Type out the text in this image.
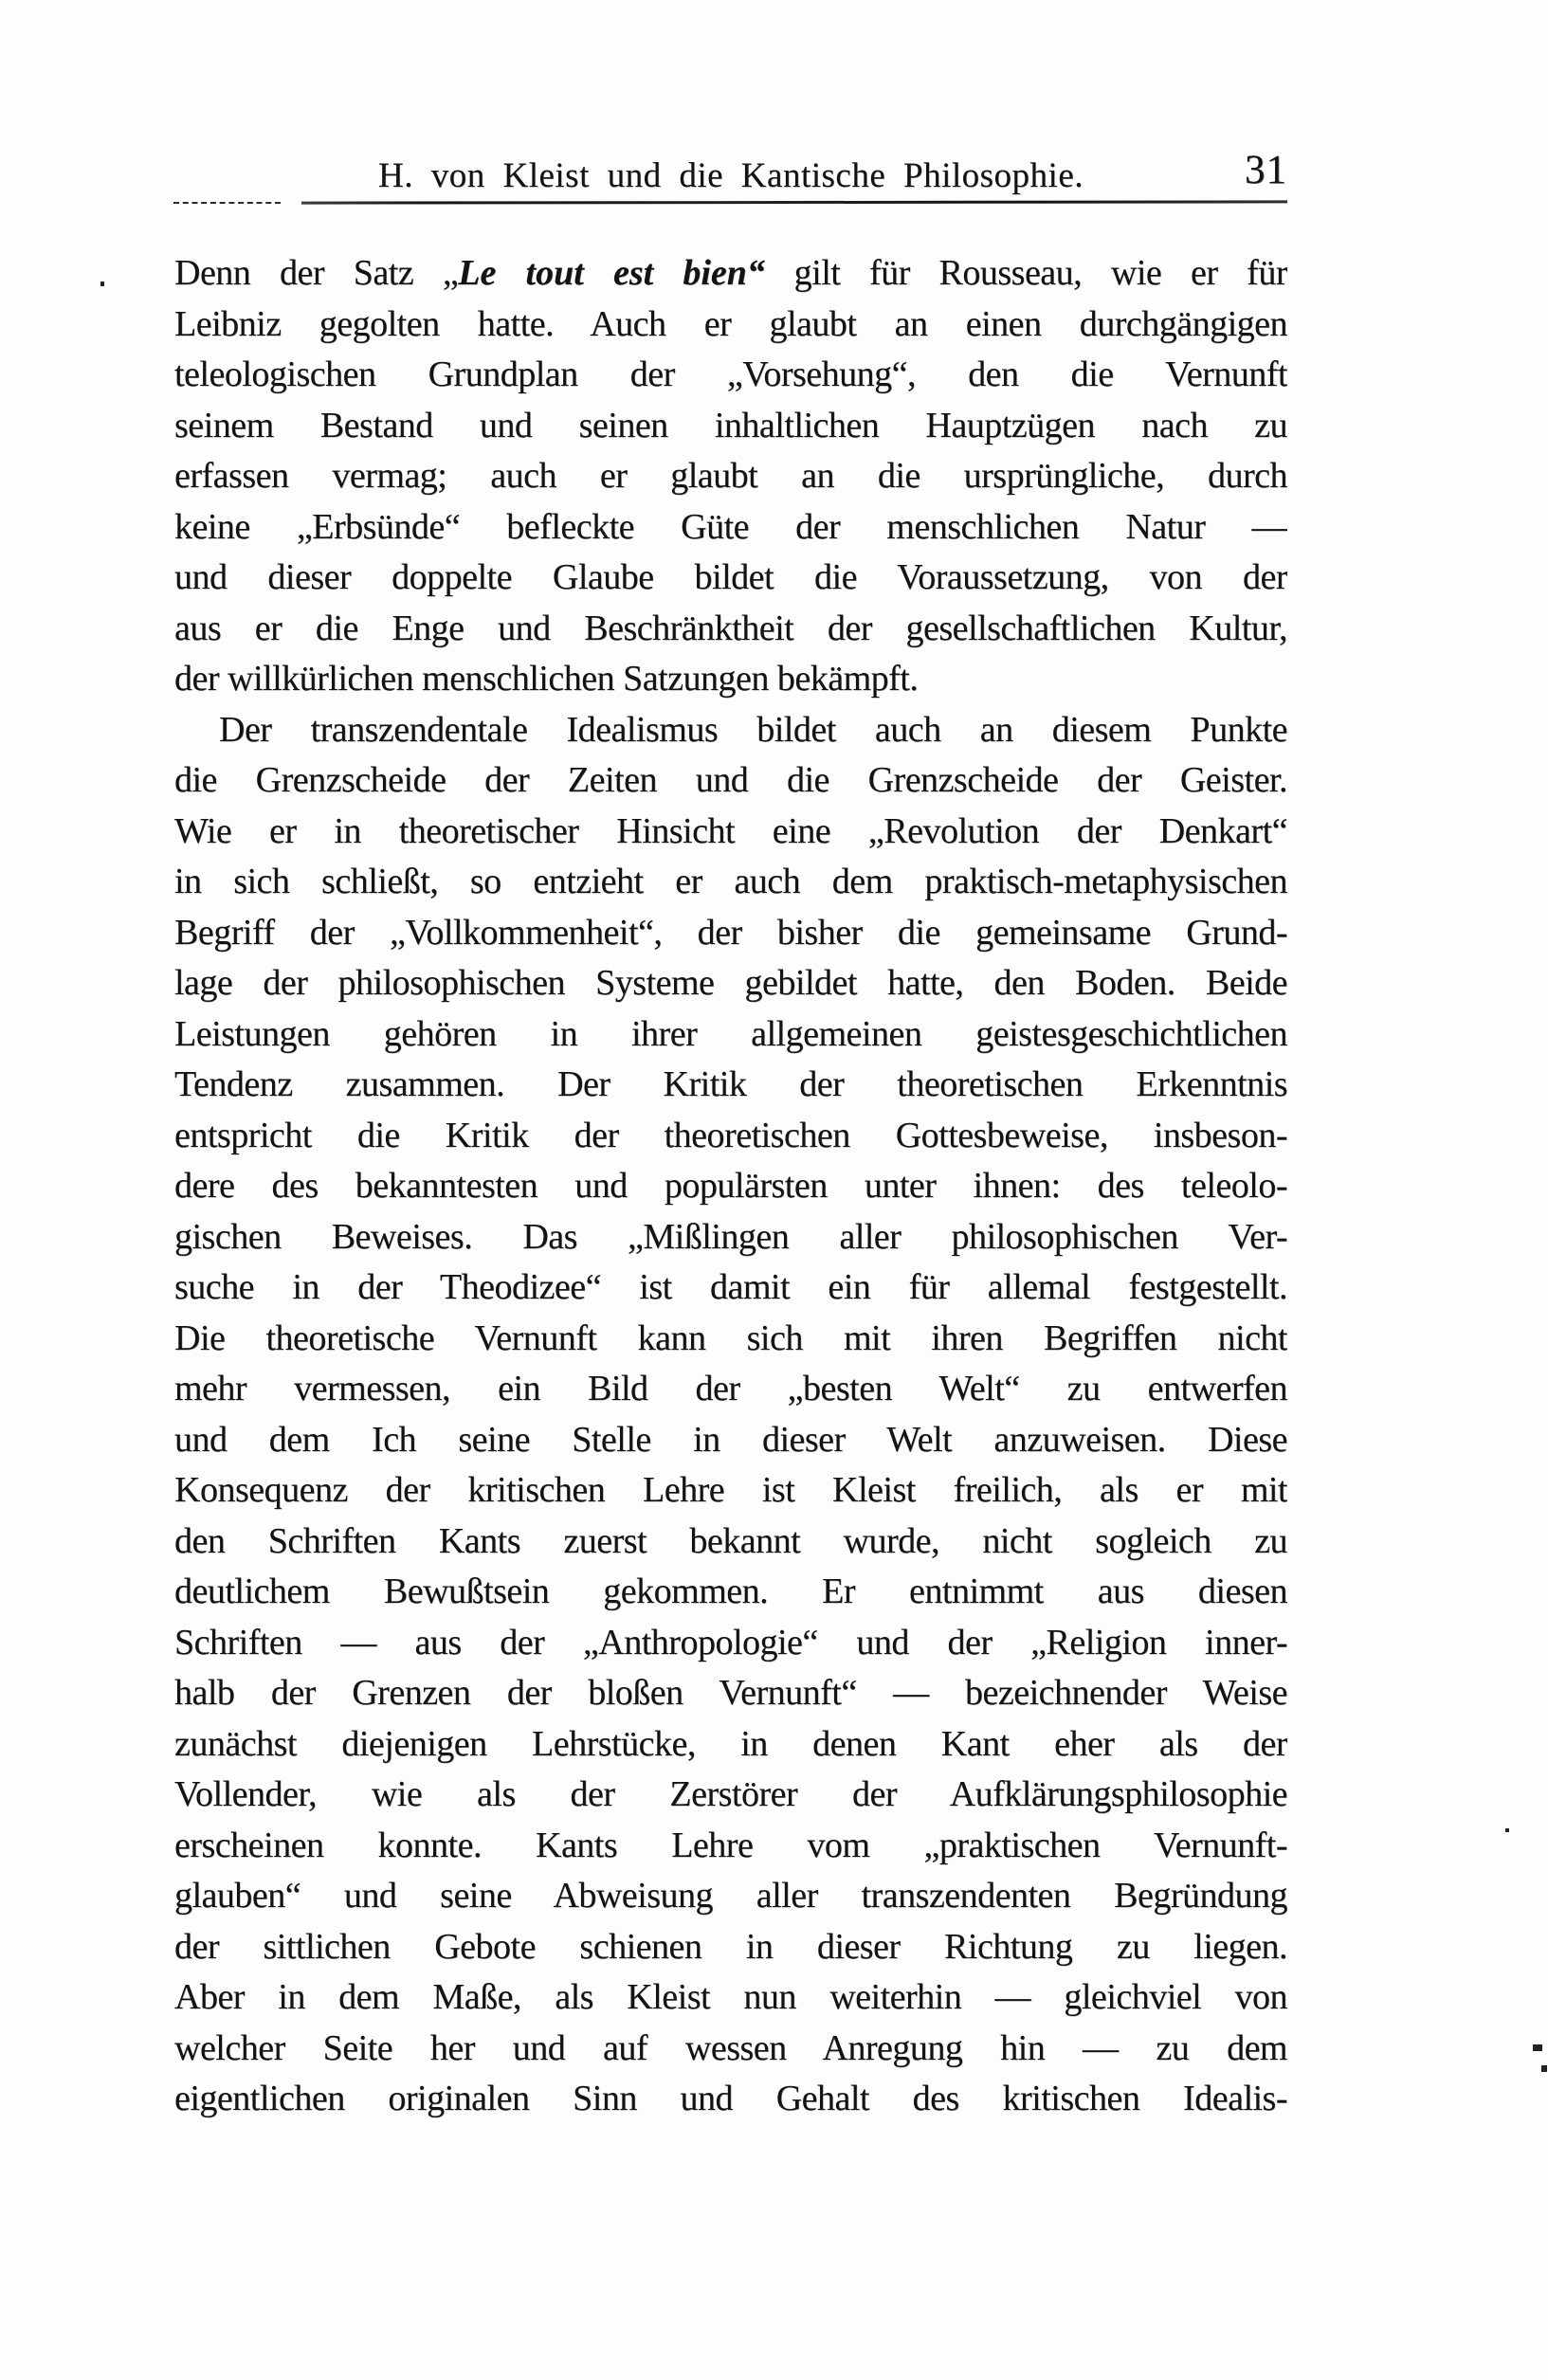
H. von Kleist und die Kantische Philosophie.	31
Denn der Satz „Le tout est bien“ gilt für Rousseau, wie er für
Leibniz gegolten hatte. Auch er glaubt an einen durchgängigen
teleologischen Grundplan der „Vorsehung“, den die Vernunft
seinem Bestand und seinen inhaltlichen Hauptzügen nach zu
erfassen vermag; auch er glaubt an die ursprüngliche, durch
keine „Erbsünde“ befleckte Güte der menschlichen Natur —
und dieser doppelte Glaube bildet die Voraussetzung, von der
aus er die Enge und Beschränktheit der gesellschaftlichen Kultur,
der willkürlichen menschlichen Satzungen bekämpft.
Der transzendentale Idealismus bildet auch an diesem Punkte
die Grenzscheide der Zeiten und die Grenzscheide der Geister.
Wie er in theoretischer Hinsicht eine „Revolution der Denkart“
in sich schließt, so entzieht er auch dem praktisch-metaphysischen
Begriff der „Vollkommenheit“, der bisher die gemeinsame Grund-
lage der philosophischen Systeme gebildet hatte, den Boden. Beide
Leistungen gehören in ihrer allgemeinen geistesgeschichtlichen
Tendenz zusammen. Der Kritik der theoretischen Erkenntnis
entspricht die Kritik der theoretischen Gottesbeweise, insbeson-
dere des bekanntesten und populärsten unter ihnen: des teleolo-
gischen Beweises. Das „Mißlingen aller philosophischen Ver-
suche in der Theodizee“ ist damit ein für allemal festgestellt.
Die theoretische Vernunft kann sich mit ihren Begriffen nicht
mehr vermessen, ein Bild der „besten Welt“ zu entwerfen
und dem Ich seine Stelle in dieser Welt anzuweisen. Diese
Konsequenz der kritischen Lehre ist Kleist freilich, als er mit
den Schriften Kants zuerst bekannt wurde, nicht sogleich zu
deutlichem Bewußtsein gekommen. Er entnimmt aus diesen
Schriften — aus der „Anthropologie“ und der „Religion inner-
halb der Grenzen der bloßen Vernunft“ — bezeichnender Weise
zunächst diejenigen Lehrstücke, in denen Kant eher als der
Vollender, wie als der Zerstörer der Aufklärungsphilosophie
erscheinen konnte. Kants Lehre vom „praktischen Vernunft-
glauben“ und seine Abweisung aller transzendenten Begründung
der sittlichen Gebote schienen in dieser Richtung zu liegen.
Aber in dem Maße, als Kleist nun weiterhin — gleichviel von
welcher Seite her und auf wessen Anregung hin — zu dem
eigentlichen originalen Sinn und Gehalt des kritischen Idealis-
